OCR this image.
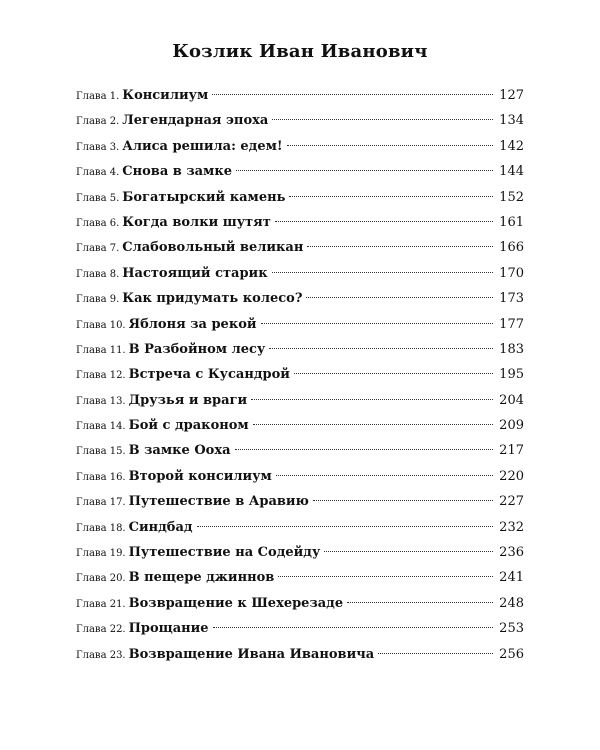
Козлик Иван Иванович
Глава 1. Консилиум	127
Глава 2. Легендарная эпоха	134
Глава 3. Алиса решила: едем!	142
Глава 4. Снова в замке	144
Глава 5. Богатырский камень	152
Глава 6. Когда волки шутят	161
Глава 7. Слабовольный великан	166
Глава 8. Настоящий старик	170
Глава 9. Как придумать колесо?	173
Глава 10. Яблоня за рекой	177
Глава 11. В Разбойном лесу	183
Глава 12. Встреча с Кусандрой	195
Глава 13. Друзья и враги	204
Глава 14. Бой с драконом	209
Глава 15. В замке Ооха	217
Глава 16. Второй консилиум	220
Глава 17. Путешествие в Аравию	227
Глава 18. Синдбад	232
Глава 19. Путешествие на Содейду	236
Глава 20. В пещере джиннов	241
Глава 21. Возвращение к Шехерезаде	248
Глава 22. Прощание	253
Глава 23. Возвращение Ивана Ивановича	256
